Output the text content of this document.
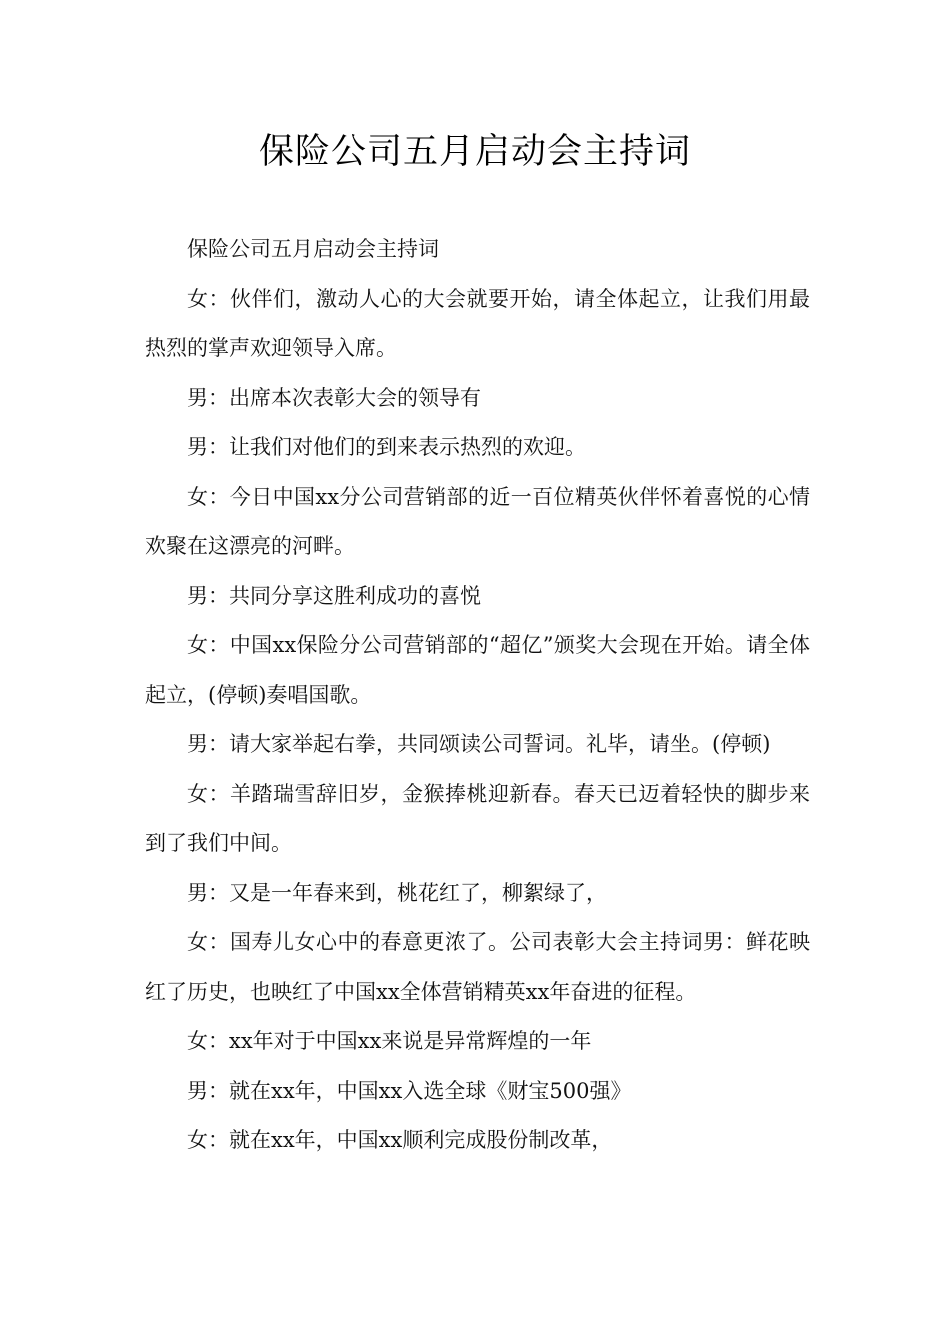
保险公司五月启动会主持词

保险公司五月启动会主持词

女：伙伴们，激动人心的大会就要开始，请全体起立，让我们用最热烈的掌声欢迎领导入席。

男：出席本次表彰大会的领导有

男：让我们对他们的到来表示热烈的欢迎。

女：今日中国xx分公司营销部的近一百位精英伙伴怀着喜悦的心情欢聚在这漂亮的河畔。

男：共同分享这胜利成功的喜悦

女：中国xx保险分公司营销部的“超亿”颁奖大会现在开始。请全体起立，(停顿)奏唱国歌。

男：请大家举起右拳，共同颂读公司誓词。礼毕，请坐。(停顿)

女：羊踏瑞雪辞旧岁，金猴捧桃迎新春。春天已迈着轻快的脚步来到了我们中间。

男：又是一年春来到，桃花红了，柳絮绿了，

女：国寿儿女心中的春意更浓了。公司表彰大会主持词男：鲜花映红了历史，也映红了中国xx全体营销精英xx年奋进的征程。

女：xx年对于中国xx来说是异常辉煌的一年

男：就在xx年，中国xx入选全球《财宝500强》

女：就在xx年，中国xx顺利完成股份制改革，
